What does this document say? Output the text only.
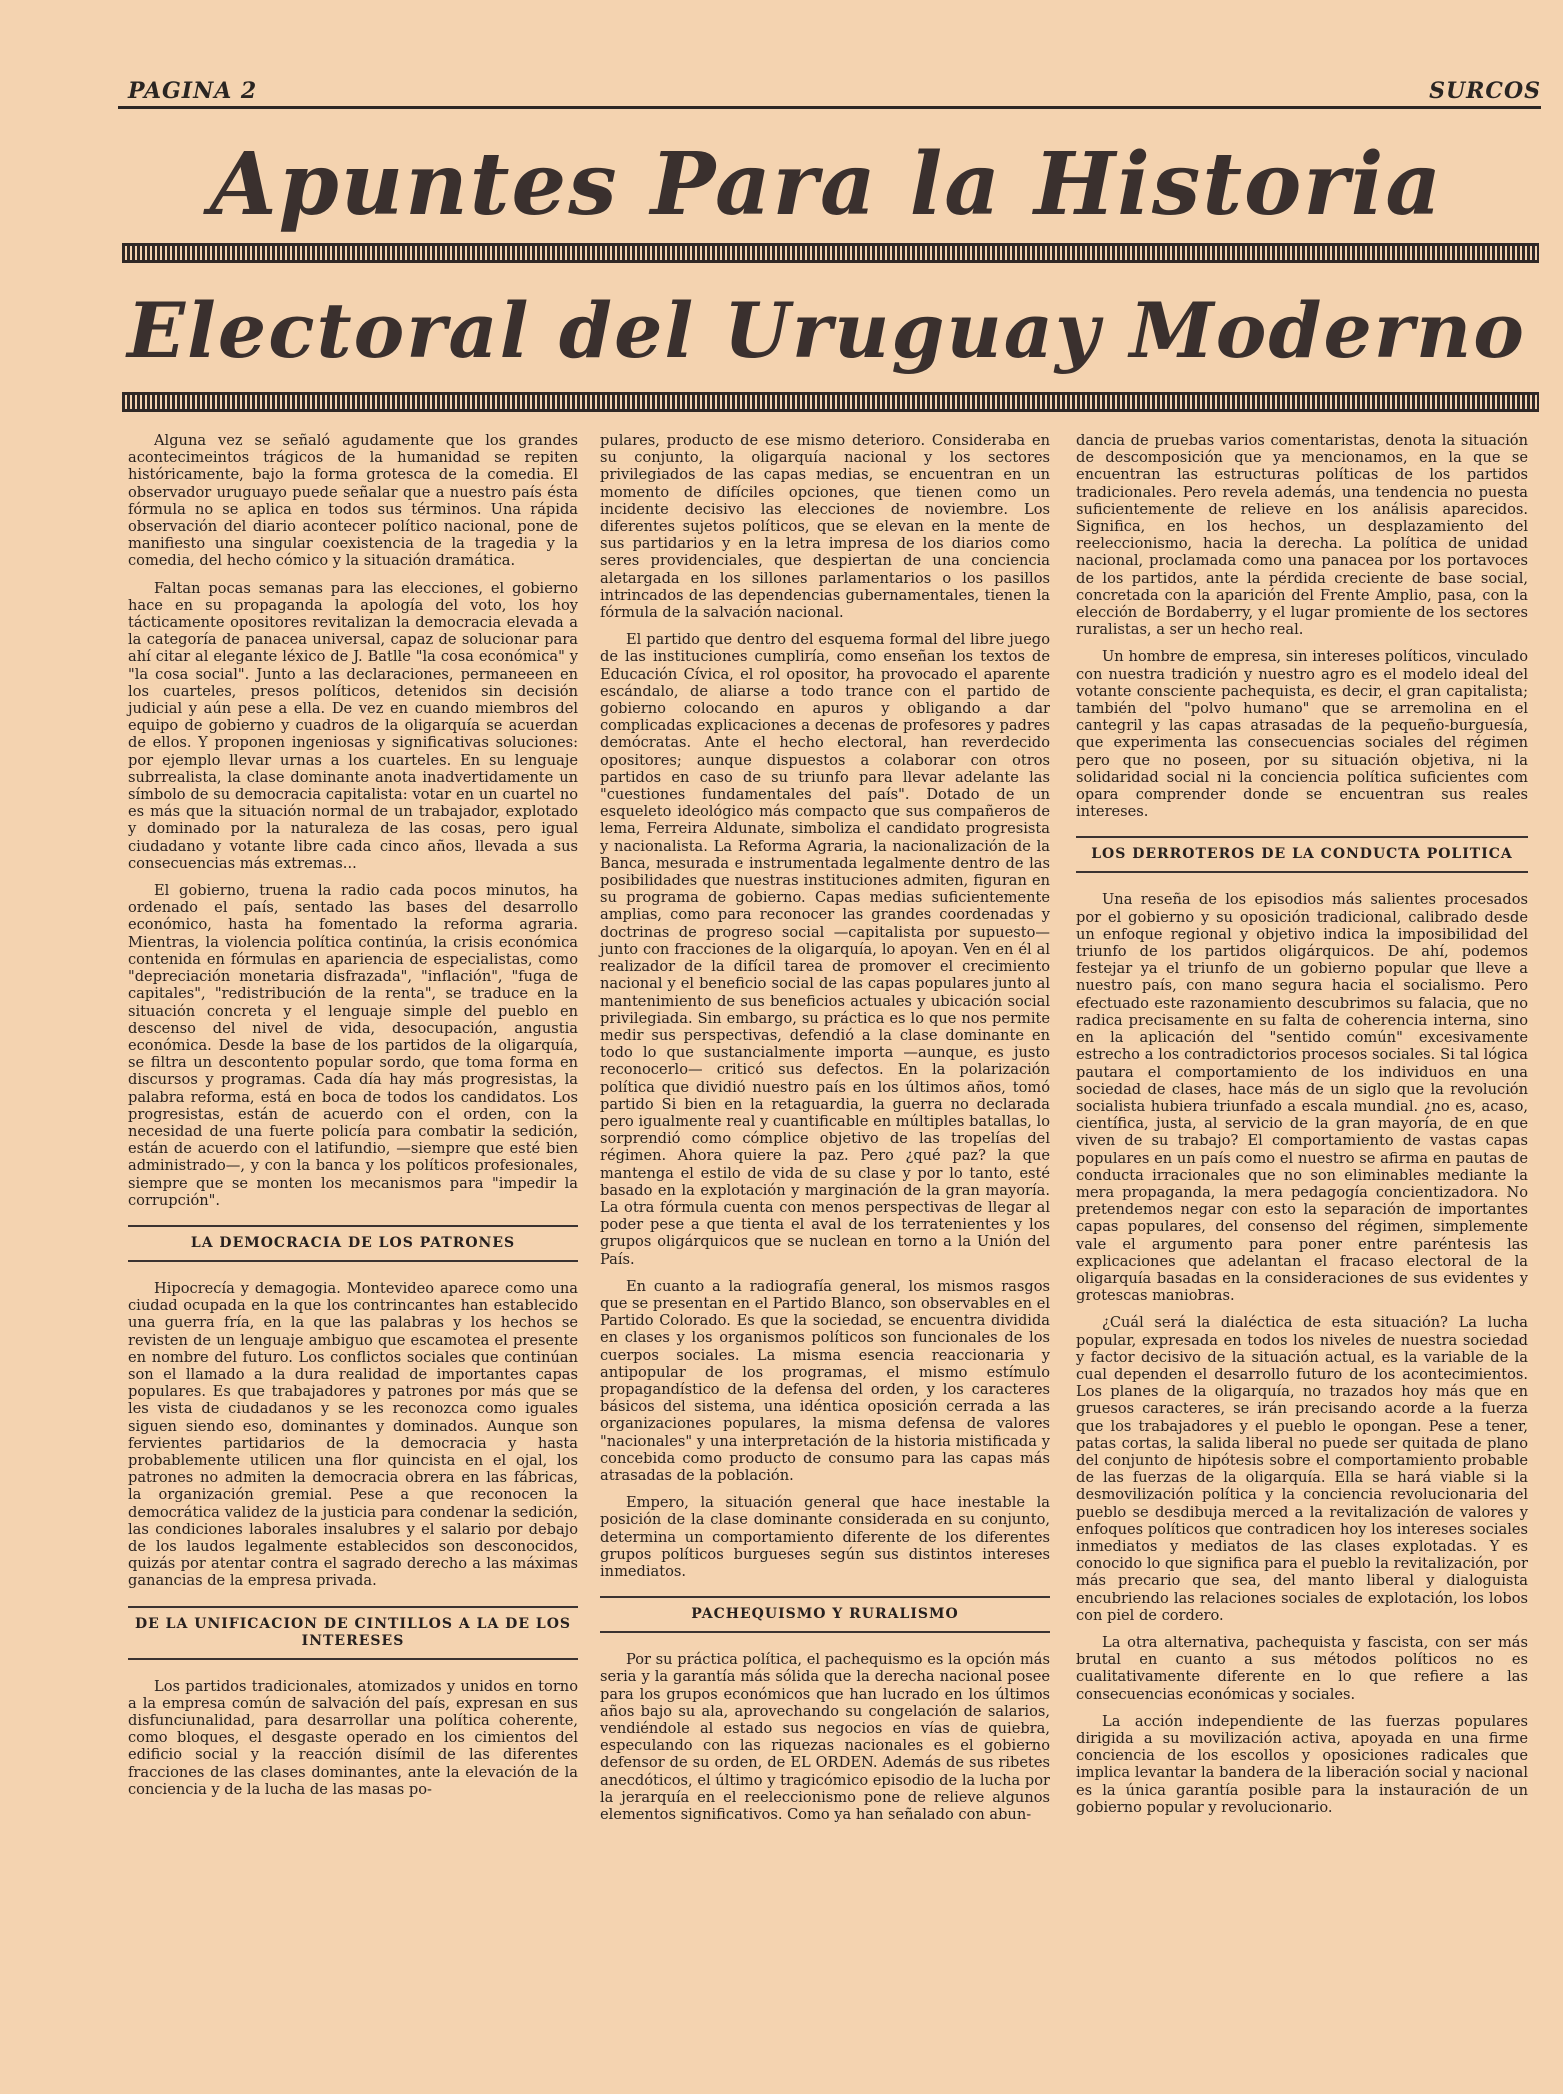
PAGINA 2	SURCOS
Apuntes Para la Historia
Electoral del Uruguay Moderno

Alguna vez se señaló agudamente que los grandes acontecimeintos trágicos de la humanidad se repiten históricamente, bajo la forma grotesca de la comedia. El observador uruguayo puede señalar que a nuestro país ésta fórmula no se aplica en todos sus términos. Una rápida observación del diario acontecer político nacional, pone de manifiesto una singular coexistencia de la tragedia y la comedia, del hecho cómico y la situación dramática.

Faltan pocas semanas para las elecciones, el gobierno hace en su propaganda la apología del voto, los hoy tácticamente opositores revitalizan la democracia elevada a la categoría de panacea universal, capaz de solucionar para ahí citar al elegante léxico de J. Batlle "la cosa económica" y "la cosa social". Junto a las declaraciones, permaneeen en los cuarteles, presos políticos, detenidos sin decisión judicial y aún pese a ella. De vez en cuando miembros del equipo de gobierno y cuadros de la oligarquía se acuerdan de ellos. Y proponen ingeniosas y significativas soluciones: por ejemplo llevar urnas a los cuarteles. En su lenguaje subrrealista, la clase dominante anota inadvertidamente un símbolo de su democracia capitalista: votar en un cuartel no es más que la situación normal de un trabajador, explotado y dominado por la naturaleza de las cosas, pero igual ciudadano y votante libre cada cinco años, llevada a sus consecuencias más extremas...

El gobierno, truena la radio cada pocos minutos, ha ordenado el país, sentado las bases del desarrollo económico, hasta ha fomentado la reforma agraria. Mientras, la violencia política continúa, la crisis económica contenida en fórmulas en apariencia de especialistas, como "depreciación monetaria disfrazada", "inflación", "fuga de capitales", "redistribución de la renta", se traduce en la situación concreta y el lenguaje simple del pueblo en descenso del nivel de vida, desocupación, angustia económica. Desde la base de los partidos de la oligarquía, se filtra un descontento popular sordo, que toma forma en discursos y programas. Cada día hay más progresistas, la palabra reforma, está en boca de todos los candidatos. Los progresistas, están de acuerdo con el orden, con la necesidad de una fuerte policía para combatir la sedición, están de acuerdo con el latifundio, —siempre que esté bien administrado—, y con la banca y los políticos profesionales, siempre que se monten los mecanismos para "impedir la corrupción".

LA DEMOCRACIA DE LOS PATRONES

Hipocrecía y demagogia. Montevideo aparece como una ciudad ocupada en la que los contrincantes han establecido una guerra fría, en la que las palabras y los hechos se revisten de un lenguaje ambiguo que escamotea el presente en nombre del futuro. Los conflictos sociales que continúan son el llamado a la dura realidad de importantes capas populares. Es que trabajadores y patrones por más que se les vista de ciudadanos y se les reconozca como iguales siguen siendo eso, dominantes y dominados. Aunque son fervientes partidarios de la democracia y hasta probablemente utilicen una flor quincista en el ojal, los patrones no admiten la democracia obrera en las fábricas, la organización gremial. Pese a que reconocen la democrática validez de la justicia para condenar la sedición, las condiciones laborales insalubres y el salario por debajo de los laudos legalmente establecidos son desconocidos, quizás por atentar contra el sagrado derecho a las máximas ganancias de la empresa privada.

DE LA UNIFICACION DE CINTILLOS A LA DE LOS INTERESES

Los partidos tradicionales, atomizados y unidos en torno a la empresa común de salvación del país, expresan en sus disfunciunalidad, para desarrollar una política coherente, como bloques, el desgaste operado en los cimientos del edificio social y la reacción disímil de las diferentes fracciones de las clases dominantes, ante la elevación de la conciencia y de la lucha de las masas po-

pulares, producto de ese mismo deterioro. Consideraba en su conjunto, la oligarquía nacional y los sectores privilegiados de las capas medias, se encuentran en un momento de difíciles opciones, que tienen como un incidente decisivo las elecciones de noviembre. Los diferentes sujetos políticos, que se elevan en la mente de sus partidarios y en la letra impresa de los diarios como seres providenciales, que despiertan de una conciencia aletargada en los sillones parlamentarios o los pasillos intrincados de las dependencias gubernamentales, tienen la fórmula de la salvación nacional.

El partido que dentro del esquema formal del libre juego de las instituciones cumpliría, como enseñan los textos de Educación Cívica, el rol opositor, ha provocado el aparente escándalo, de aliarse a todo trance con el partido de gobierno colocando en apuros y obligando a dar complicadas explicaciones a decenas de profesores y padres demócratas. Ante el hecho electoral, han reverdecido opositores; aunque dispuestos a colaborar con otros partidos en caso de su triunfo para llevar adelante las "cuestiones fundamentales del país". Dotado de un esqueleto ideológico más compacto que sus compañeros de lema, Ferreira Aldunate, simboliza el candidato progresista y nacionalista. La Reforma Agraria, la nacionalización de la Banca, mesurada e instrumentada legalmente dentro de las posibilidades que nuestras instituciones admiten, figuran en su programa de gobierno. Capas medias suficientemente amplias, como para reconocer las grandes coordenadas y doctrinas de progreso social —capitalista por supuesto— junto con fracciones de la oligarquía, lo apoyan. Ven en él al realizador de la difícil tarea de promover el crecimiento nacional y el beneficio social de las capas populares junto al mantenimiento de sus beneficios actuales y ubicación social privilegiada. Sin embargo, su práctica es lo que nos permite medir sus perspectivas, defendió a la clase dominante en todo lo que sustancialmente importa —aunque, es justo reconocerlo— criticó sus defectos. En la polarización política que dividió nuestro país en los últimos años, tomó partido Si bien en la retaguardia, la guerra no declarada pero igualmente real y cuantificable en múltiples batallas, lo sorprendió como cómplice objetivo de las tropelías del régimen. Ahora quiere la paz. Pero ¿qué paz? la que mantenga el estilo de vida de su clase y por lo tanto, esté basado en la explotación y marginación de la gran mayoría. La otra fórmula cuenta con menos perspectivas de llegar al poder pese a que tienta el aval de los terratenientes y los grupos oligárquicos que se nuclean en torno a la Unión del País.

En cuanto a la radiografía general, los mismos rasgos que se presentan en el Partido Blanco, son observables en el Partido Colorado. Es que la sociedad, se encuentra dividida en clases y los organismos políticos son funcionales de los cuerpos sociales. La misma esencia reaccionaria y antipopular de los programas, el mismo estímulo propagandístico de la defensa del orden, y los caracteres básicos del sistema, una idéntica oposición cerrada a las organizaciones populares, la misma defensa de valores "nacionales" y una interpretación de la historia mistificada y concebida como producto de consumo para las capas más atrasadas de la población.

Empero, la situación general que hace inestable la posición de la clase dominante considerada en su conjunto, determina un comportamiento diferente de los diferentes grupos políticos burgueses según sus distintos intereses inmediatos.

PACHEQUISMO Y RURALISMO

Por su práctica política, el pachequismo es la opción más seria y la garantía más sólida que la derecha nacional posee para los grupos económicos que han lucrado en los últimos años bajo su ala, aprovechando su congelación de salarios, vendiéndole al estado sus negocios en vías de quiebra, especulando con las riquezas nacionales es el gobierno defensor de su orden, de EL ORDEN. Además de sus ribetes anecdóticos, el último y tragicómico episodio de la lucha por la jerarquía en el reeleccionismo pone de relieve algunos elementos significativos. Como ya han señalado con abun-

dancia de pruebas varios comentaristas, denota la situación de descomposición que ya mencionamos, en la que se encuentran las estructuras políticas de los partidos tradicionales. Pero revela además, una tendencia no puesta suficientemente de relieve en los análisis aparecidos. Significa, en los hechos, un desplazamiento del reeleccionismo, hacia la derecha. La política de unidad nacional, proclamada como una panacea por los portavoces de los partidos, ante la pérdida creciente de base social, concretada con la aparición del Frente Amplio, pasa, con la elección de Bordaberry, y el lugar promiente de los sectores ruralistas, a ser un hecho real.

Un hombre de empresa, sin intereses políticos, vinculado con nuestra tradición y nuestro agro es el modelo ideal del votante consciente pachequista, es decir, el gran capitalista; también del "polvo humano" que se arremolina en el cantegril y las capas atrasadas de la pequeño-burguesía, que experimenta las consecuencias sociales del régimen pero que no poseen, por su situación objetiva, ni la solidaridad social ni la conciencia política suficientes com opara comprender donde se encuentran sus reales intereses.

LOS DERROTEROS DE LA CONDUCTA POLITICA

Una reseña de los episodios más salientes procesados por el gobierno y su oposición tradicional, calibrado desde un enfoque regional y objetivo indica la imposibilidad del triunfo de los partidos oligárquicos. De ahí, podemos festejar ya el triunfo de un gobierno popular que lleve a nuestro país, con mano segura hacia el socialismo. Pero efectuado este razonamiento descubrimos su falacia, que no radica precisamente en su falta de coherencia interna, sino en la aplicación del "sentido común" excesivamente estrecho a los contradictorios procesos sociales. Si tal lógica pautara el comportamiento de los individuos en una sociedad de clases, hace más de un siglo que la revolución socialista hubiera triunfado a escala mundial. ¿no es, acaso, científica, justa, al servicio de la gran mayoría, de en que viven de su trabajo? El comportamiento de vastas capas populares en un país como el nuestro se afirma en pautas de conducta irracionales que no son eliminables mediante la mera propaganda, la mera pedagogía concientizadora. No pretendemos negar con esto la separación de importantes capas populares, del consenso del régimen, simplemente vale el argumento para poner entre paréntesis las explicaciones que adelantan el fracaso electoral de la oligarquía basadas en la consideraciones de sus evidentes y grotescas maniobras.

¿Cuál será la dialéctica de esta situación? La lucha popular, expresada en todos los niveles de nuestra sociedad y factor decisivo de la situación actual, es la variable de la cual dependen el desarrollo futuro de los acontecimientos. Los planes de la oligarquía, no trazados hoy más que en gruesos caracteres, se irán precisando acorde a la fuerza que los trabajadores y el pueblo le opongan. Pese a tener, patas cortas, la salida liberal no puede ser quitada de plano del conjunto de hipótesis sobre el comportamiento probable de las fuerzas de la oligarquía. Ella se hará viable si la desmovilización política y la conciencia revolucionaria del pueblo se desdibuja merced a la revitalización de valores y enfoques políticos que contradicen hoy los intereses sociales inmediatos y mediatos de las clases explotadas. Y es conocido lo que significa para el pueblo la revitalización, por más precario que sea, del manto liberal y dialoguista encubriendo las relaciones sociales de explotación, los lobos con piel de cordero.

La otra alternativa, pachequista y fascista, con ser más brutal en cuanto a sus métodos políticos no es cualitativamente diferente en lo que refiere a las consecuencias económicas y sociales.

La acción independiente de las fuerzas populares dirigida a su movilización activa, apoyada en una firme conciencia de los escollos y oposiciones radicales que implica levantar la bandera de la liberación social y nacional es la única garantía posible para la instauración de un gobierno popular y revolucionario.
